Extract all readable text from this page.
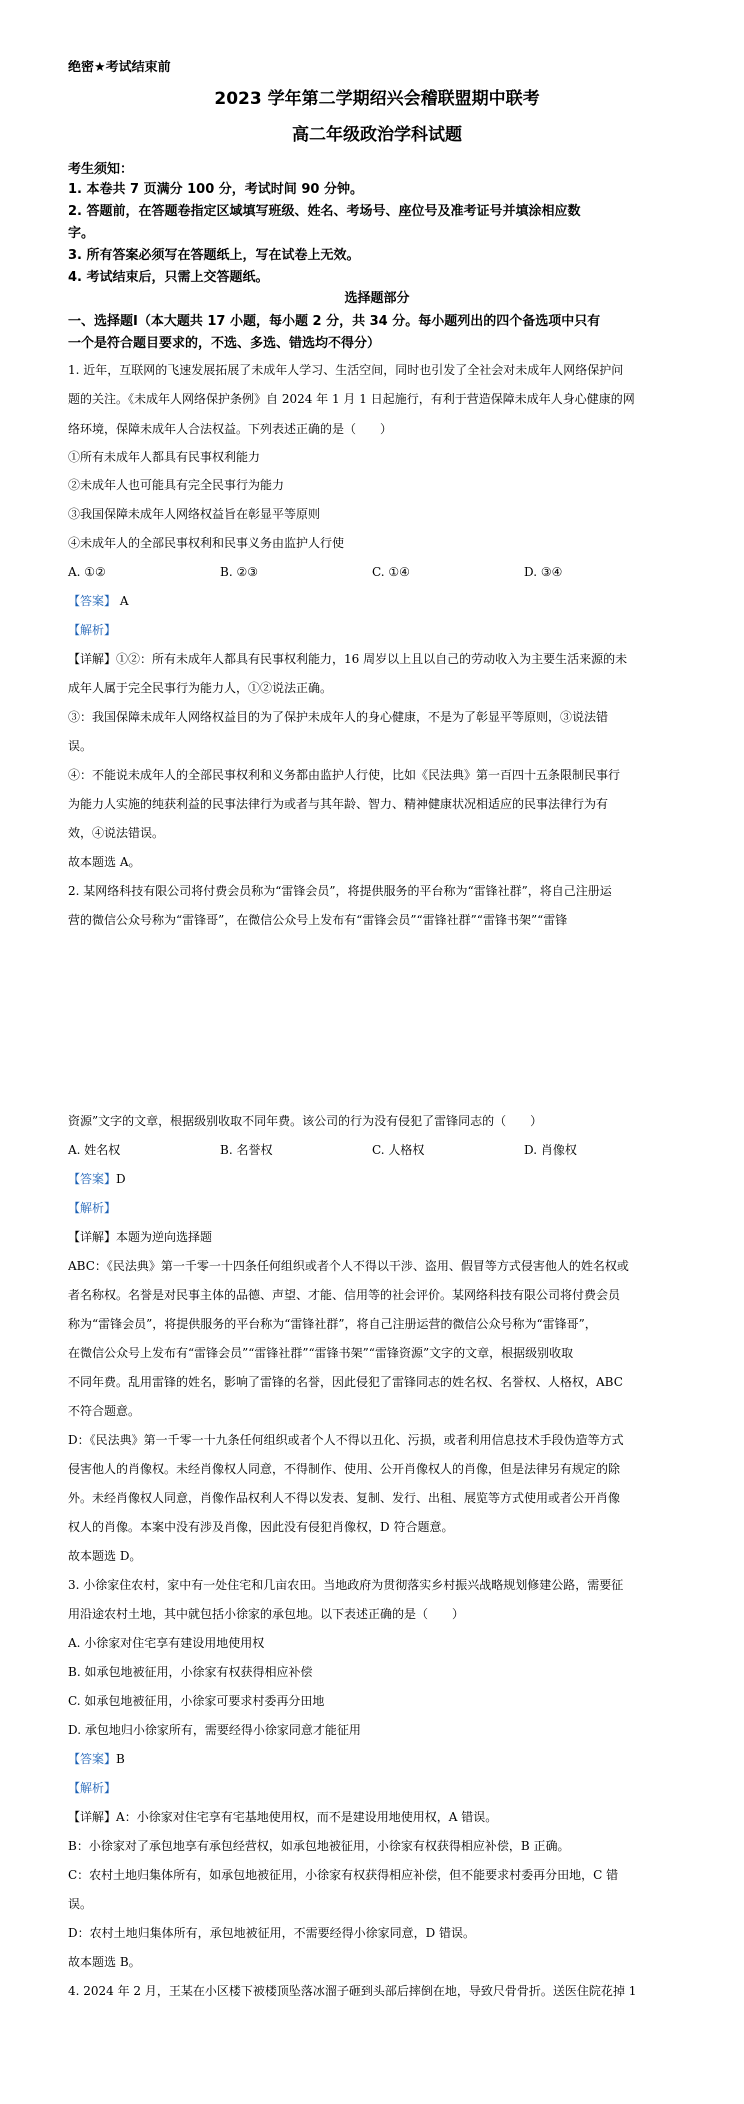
绝密★考试结束前
2023 学年第二学期绍兴会稽联盟期中联考
高二年级政治学科试题
考生须知：
1. 本卷共 7 页满分 100 分，考试时间 90 分钟。
2. 答题前，在答题卷指定区域填写班级、姓名、考场号、座位号及准考证号并填涂相应数
字。
3. 所有答案必须写在答题纸上，写在试卷上无效。
4. 考试结束后，只需上交答题纸。
选择题部分
一、选择题Ⅰ（本大题共 17 小题，每小题 2 分，共 34 分。每小题列出的四个备选项中只有
一个是符合题目要求的，不选、多选、错选均不得分）
1. 近年，互联网的飞速发展拓展了未成年人学习、生活空间，同时也引发了全社会对未成年人网络保护问
题的关注。《未成年人网络保护条例》自 2024 年 1 月 1 日起施行，有利于营造保障未成年人身心健康的网
络环境，保障未成年人合法权益。下列表述正确的是（　　）
①所有未成年人都具有民事权利能力
②未成年人也可能具有完全民事行为能力
③我国保障未成年人网络权益旨在彰显平等原则
④未成年人的全部民事权利和民事义务由监护人行使
A. ①②	B. ②③	C. ①④	D. ③④
【 答案 】 A
【 解析 】
【 详解 】 ①②：所有未成年人都具有民事权利能力，16 周岁以上且以自己的劳动收入为主要生活来源的未
成年人属于完全民事行为能力人，①②说法正确。
③：我国保障未成年人网络权益目的为了保护未成年人的身心健康，不是为了彰显平等原则，③说法错
误。
④：不能说未成年人的全部民事权利和义务都由监护人行使，比如《民法典》第一百四十五条限制民事行
为能力人实施的纯获利益的民事法律行为或者与其年龄、智力、精神健康状况相适应的民事法律行为有
效，④说法错误。
故本题选 A。
2. 某网络科技有限公司将付费会员称为“雷锋会员”，将提供服务的平台称为“雷锋社群”，将自己注册运
营的微信公众号称为“雷锋哥”，在微信公众号上发布有“雷锋会员”“雷锋社群”“雷锋书架”“雷锋
资源”文字的文章，根据级别收取不同年费。该公司的行为没有侵犯了雷锋同志的（　　）
A. 姓名权	B. 名誉权	C. 人格权	D. 肖像权
【 答案 】 D
【 解析 】
【 详解 】 本题为逆向选择题
ABC：《民法典》第一千零一十四条任何组织或者个人不得以干涉、盗用、假冒等方式侵害他人的姓名权或
者名称权。名誉是对民事主体的品德、声望、才能、信用等的社会评价。某网络科技有限公司将付费会员
称为“雷锋会员”，将提供服务的平台称为“雷锋社群”，将自己注册运营的微信公众号称为“雷锋哥”，
在微信公众号上发布有“雷锋会员”“雷锋社群”“雷锋书架”“雷锋资源”文字的文章，根据级别收取
不同年费。乱用雷锋的姓名，影响了雷锋的名誉，因此侵犯了雷锋同志的姓名权、名誉权、人格权，ABC
不符合题意。
D：《民法典》第一千零一十九条任何组织或者个人不得以丑化、污损，或者利用信息技术手段伪造等方式
侵害他人的肖像权。未经肖像权人同意，不得制作、使用、公开肖像权人的肖像，但是法律另有规定的除
外。未经肖像权人同意，肖像作品权利人不得以发表、复制、发行、出租、展览等方式使用或者公开肖像
权人的肖像。本案中没有涉及肖像，因此没有侵犯肖像权，D 符合题意。
故本题选 D。
3. 小徐家住农村，家中有一处住宅和几亩农田。当地政府为贯彻落实乡村振兴战略规划修建公路，需要征
用沿途农村土地，其中就包括小徐家的承包地。以下表述正确的是（　　）
A. 小徐家对住宅享有建设用地使用权
B. 如承包地被征用，小徐家有权获得相应补偿
C. 如承包地被征用，小徐家可要求村委再分田地
D. 承包地归小徐家所有，需要经得小徐家同意才能征用
【 答案 】 B
【 解析 】
【 详解 】 A：小徐家对住宅享有宅基地使用权，而不是建设用地使用权，A 错误。
B：小徐家对了承包地享有承包经营权，如承包地被征用，小徐家有权获得相应补偿，B 正确。
C：农村土地归集体所有，如承包地被征用，小徐家有权获得相应补偿，但不能要求村委再分田地，C 错
误。
D：农村土地归集体所有，承包地被征用，不需要经得小徐家同意，D 错误。
故本题选 B。
4. 2024 年 2 月，王某在小区楼下被楼顶坠落冰溜子砸到头部后摔倒在地，导致尺骨骨折。送医住院花掉 1
